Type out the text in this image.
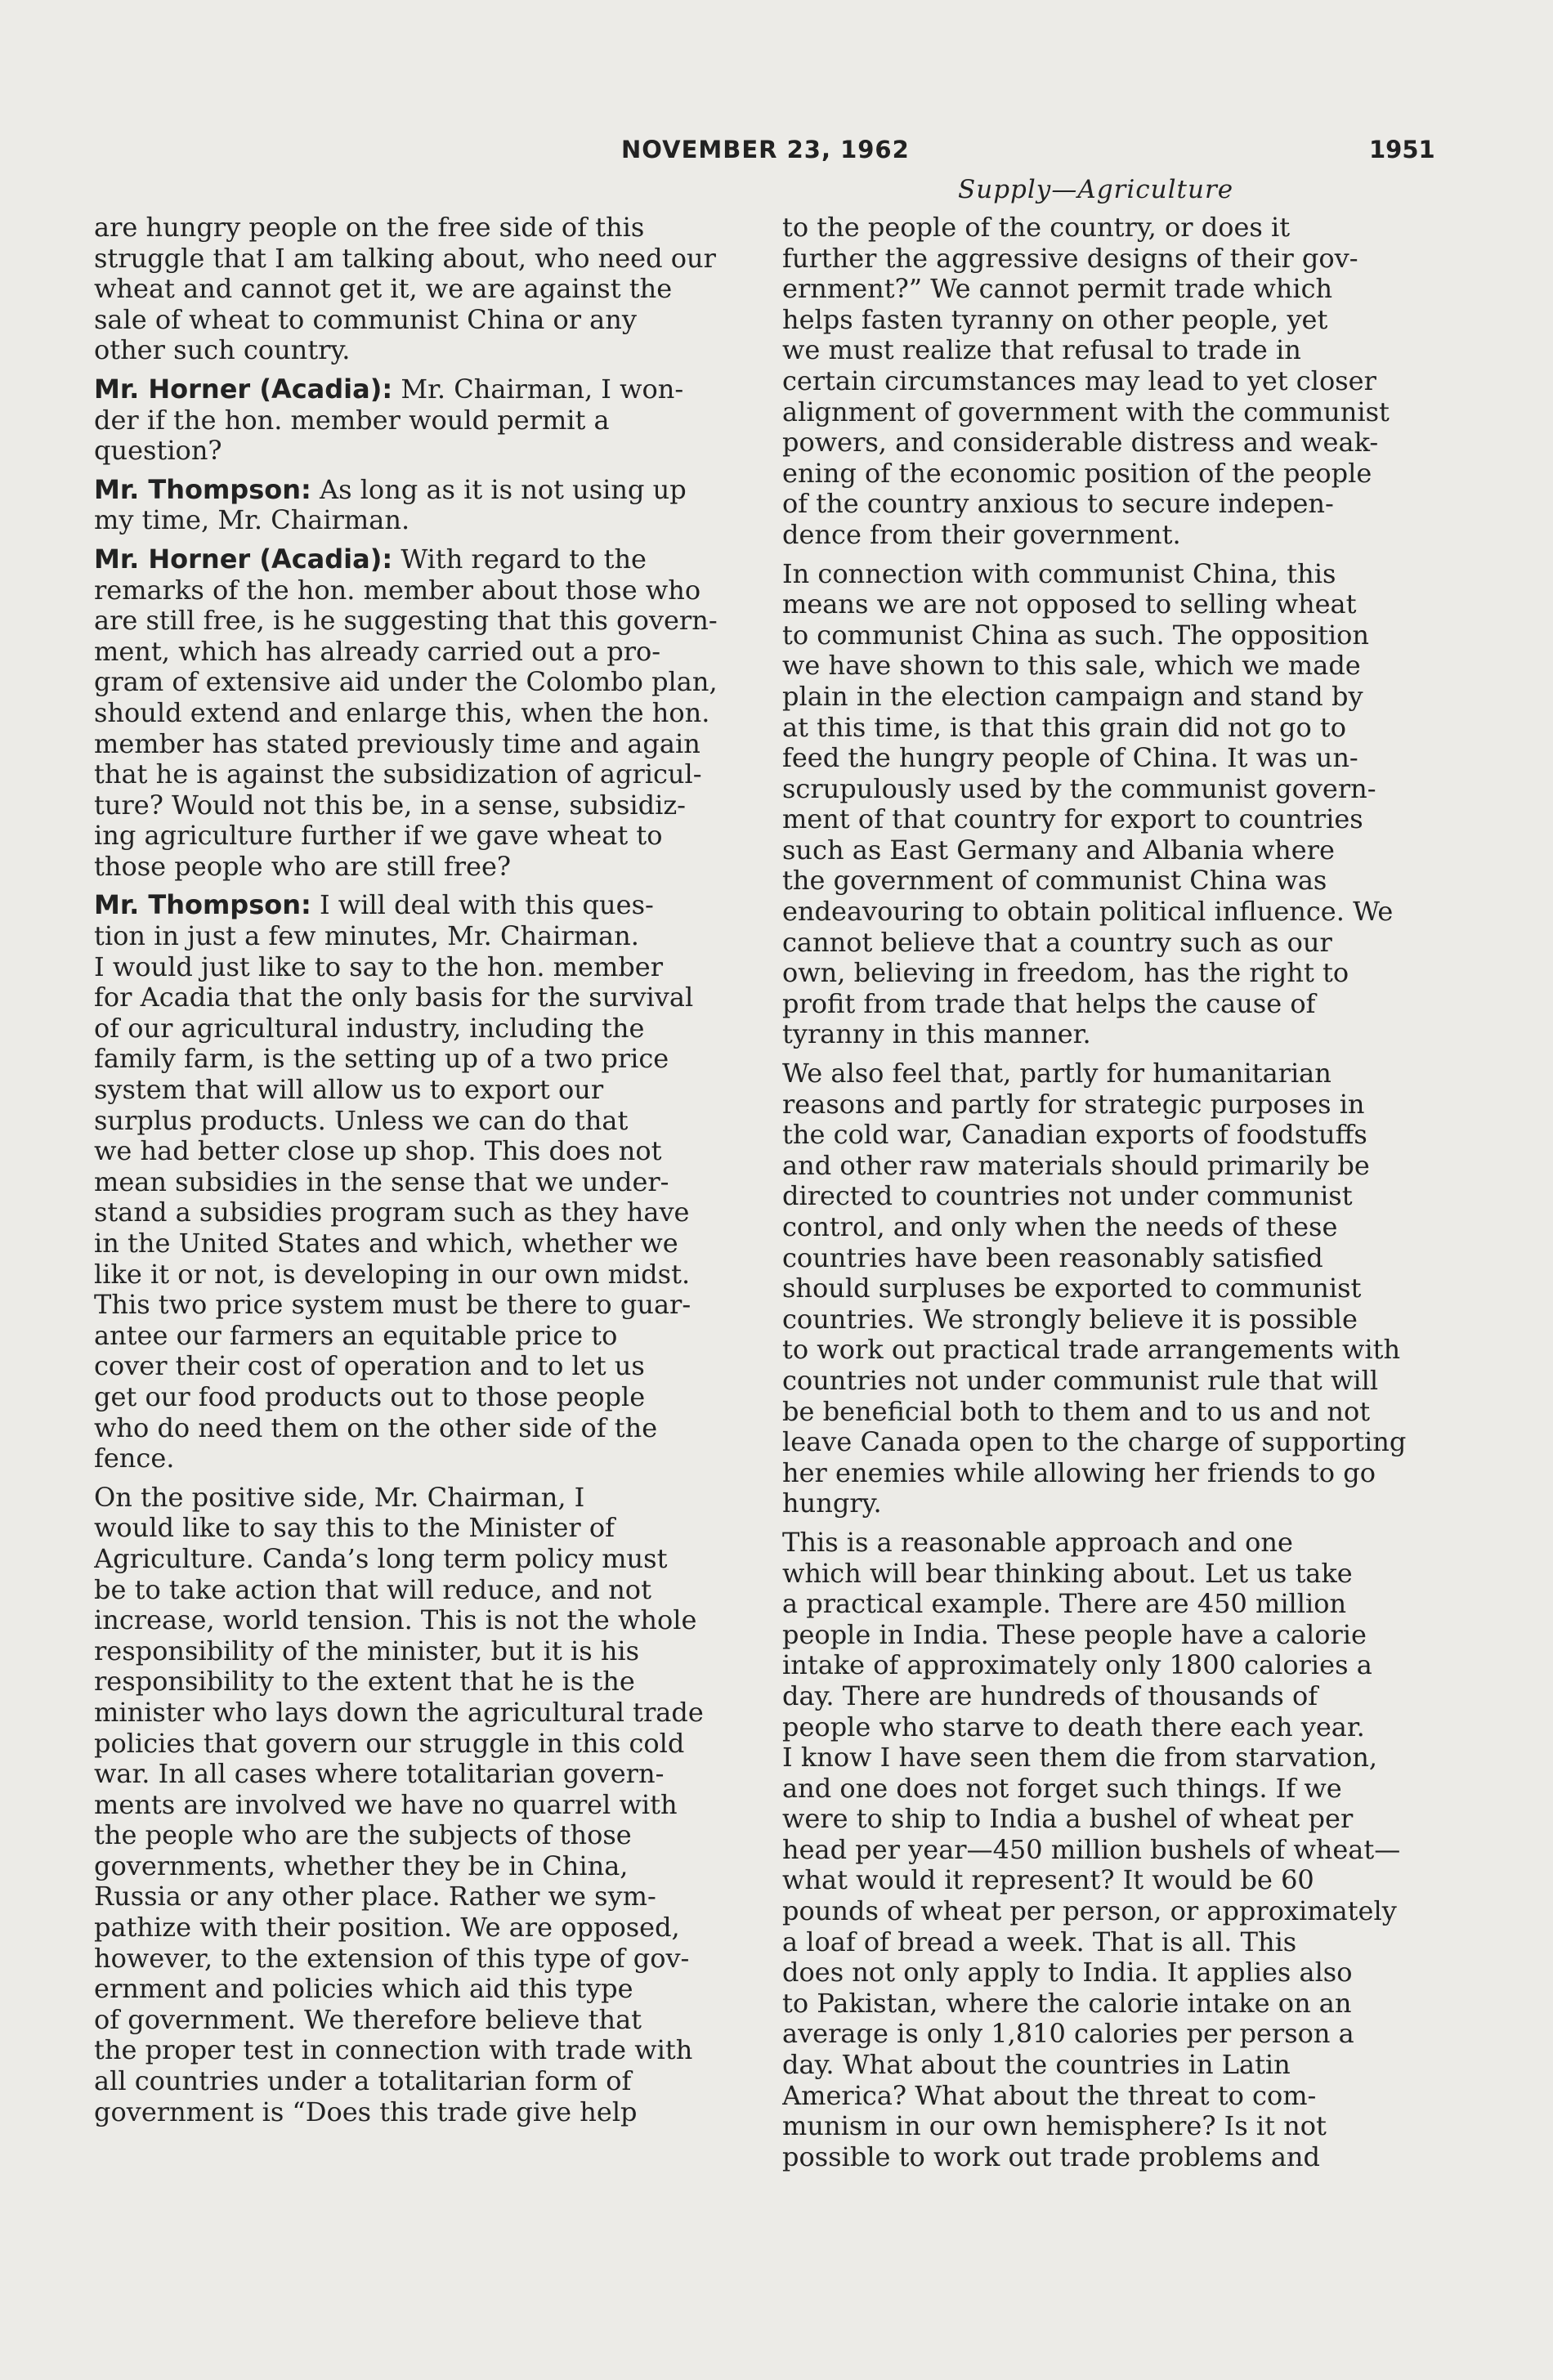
NOVEMBER 23, 1962	1951
Supply—Agriculture
are hungry people on the free side of this
struggle that I am talking about, who need our
wheat and cannot get it, we are against the
sale of wheat to communist China or any
other such country.
Mr. Horner (Acadia): Mr. Chairman, I won-
der if the hon. member would permit a
question?
Mr. Thompson: As long as it is not using up
my time, Mr. Chairman.
Mr. Horner (Acadia): With regard to the
remarks of the hon. member about those who
are still free, is he suggesting that this govern-
ment, which has already carried out a pro-
gram of extensive aid under the Colombo plan,
should extend and enlarge this, when the hon.
member has stated previously time and again
that he is against the subsidization of agricul-
ture? Would not this be, in a sense, subsidiz-
ing agriculture further if we gave wheat to
those people who are still free?
Mr. Thompson: I will deal with this ques-
tion in just a few minutes, Mr. Chairman.
I would just like to say to the hon. member
for Acadia that the only basis for the survival
of our agricultural industry, including the
family farm, is the setting up of a two price
system that will allow us to export our
surplus products. Unless we can do that
we had better close up shop. This does not
mean subsidies in the sense that we under-
stand a subsidies program such as they have
in the United States and which, whether we
like it or not, is developing in our own midst.
This two price system must be there to guar-
antee our farmers an equitable price to
cover their cost of operation and to let us
get our food products out to those people
who do need them on the other side of the
fence.
On the positive side, Mr. Chairman, I
would like to say this to the Minister of
Agriculture. Canda’s long term policy must
be to take action that will reduce, and not
increase, world tension. This is not the whole
responsibility of the minister, but it is his
responsibility to the extent that he is the
minister who lays down the agricultural trade
policies that govern our struggle in this cold
war. In all cases where totalitarian govern-
ments are involved we have no quarrel with
the people who are the subjects of those
governments, whether they be in China,
Russia or any other place. Rather we sym-
pathize with their position. We are opposed,
however, to the extension of this type of gov-
ernment and policies which aid this type
of government. We therefore believe that
the proper test in connection with trade with
all countries under a totalitarian form of
government is “Does this trade give help
to the people of the country, or does it
further the aggressive designs of their gov-
ernment?” We cannot permit trade which
helps fasten tyranny on other people, yet
we must realize that refusal to trade in
certain circumstances may lead to yet closer
alignment of government with the communist
powers, and considerable distress and weak-
ening of the economic position of the people
of the country anxious to secure indepen-
dence from their government.
In connection with communist China, this
means we are not opposed to selling wheat
to communist China as such. The opposition
we have shown to this sale, which we made
plain in the election campaign and stand by
at this time, is that this grain did not go to
feed the hungry people of China. It was un-
scrupulously used by the communist govern-
ment of that country for export to countries
such as East Germany and Albania where
the government of communist China was
endeavouring to obtain political influence. We
cannot believe that a country such as our
own, believing in freedom, has the right to
profit from trade that helps the cause of
tyranny in this manner.
We also feel that, partly for humanitarian
reasons and partly for strategic purposes in
the cold war, Canadian exports of foodstuffs
and other raw materials should primarily be
directed to countries not under communist
control, and only when the needs of these
countries have been reasonably satisfied
should surpluses be exported to communist
countries. We strongly believe it is possible
to work out practical trade arrangements with
countries not under communist rule that will
be beneficial both to them and to us and not
leave Canada open to the charge of supporting
her enemies while allowing her friends to go
hungry.
This is a reasonable approach and one
which will bear thinking about. Let us take
a practical example. There are 450 million
people in India. These people have a calorie
intake of approximately only 1800 calories a
day. There are hundreds of thousands of
people who starve to death there each year.
I know I have seen them die from starvation,
and one does not forget such things. If we
were to ship to India a bushel of wheat per
head per year—450 million bushels of wheat—
what would it represent? It would be 60
pounds of wheat per person, or approximately
a loaf of bread a week. That is all. This
does not only apply to India. It applies also
to Pakistan, where the calorie intake on an
average is only 1,810 calories per person a
day. What about the countries in Latin
America? What about the threat to com-
munism in our own hemisphere? Is it not
possible to work out trade problems and
